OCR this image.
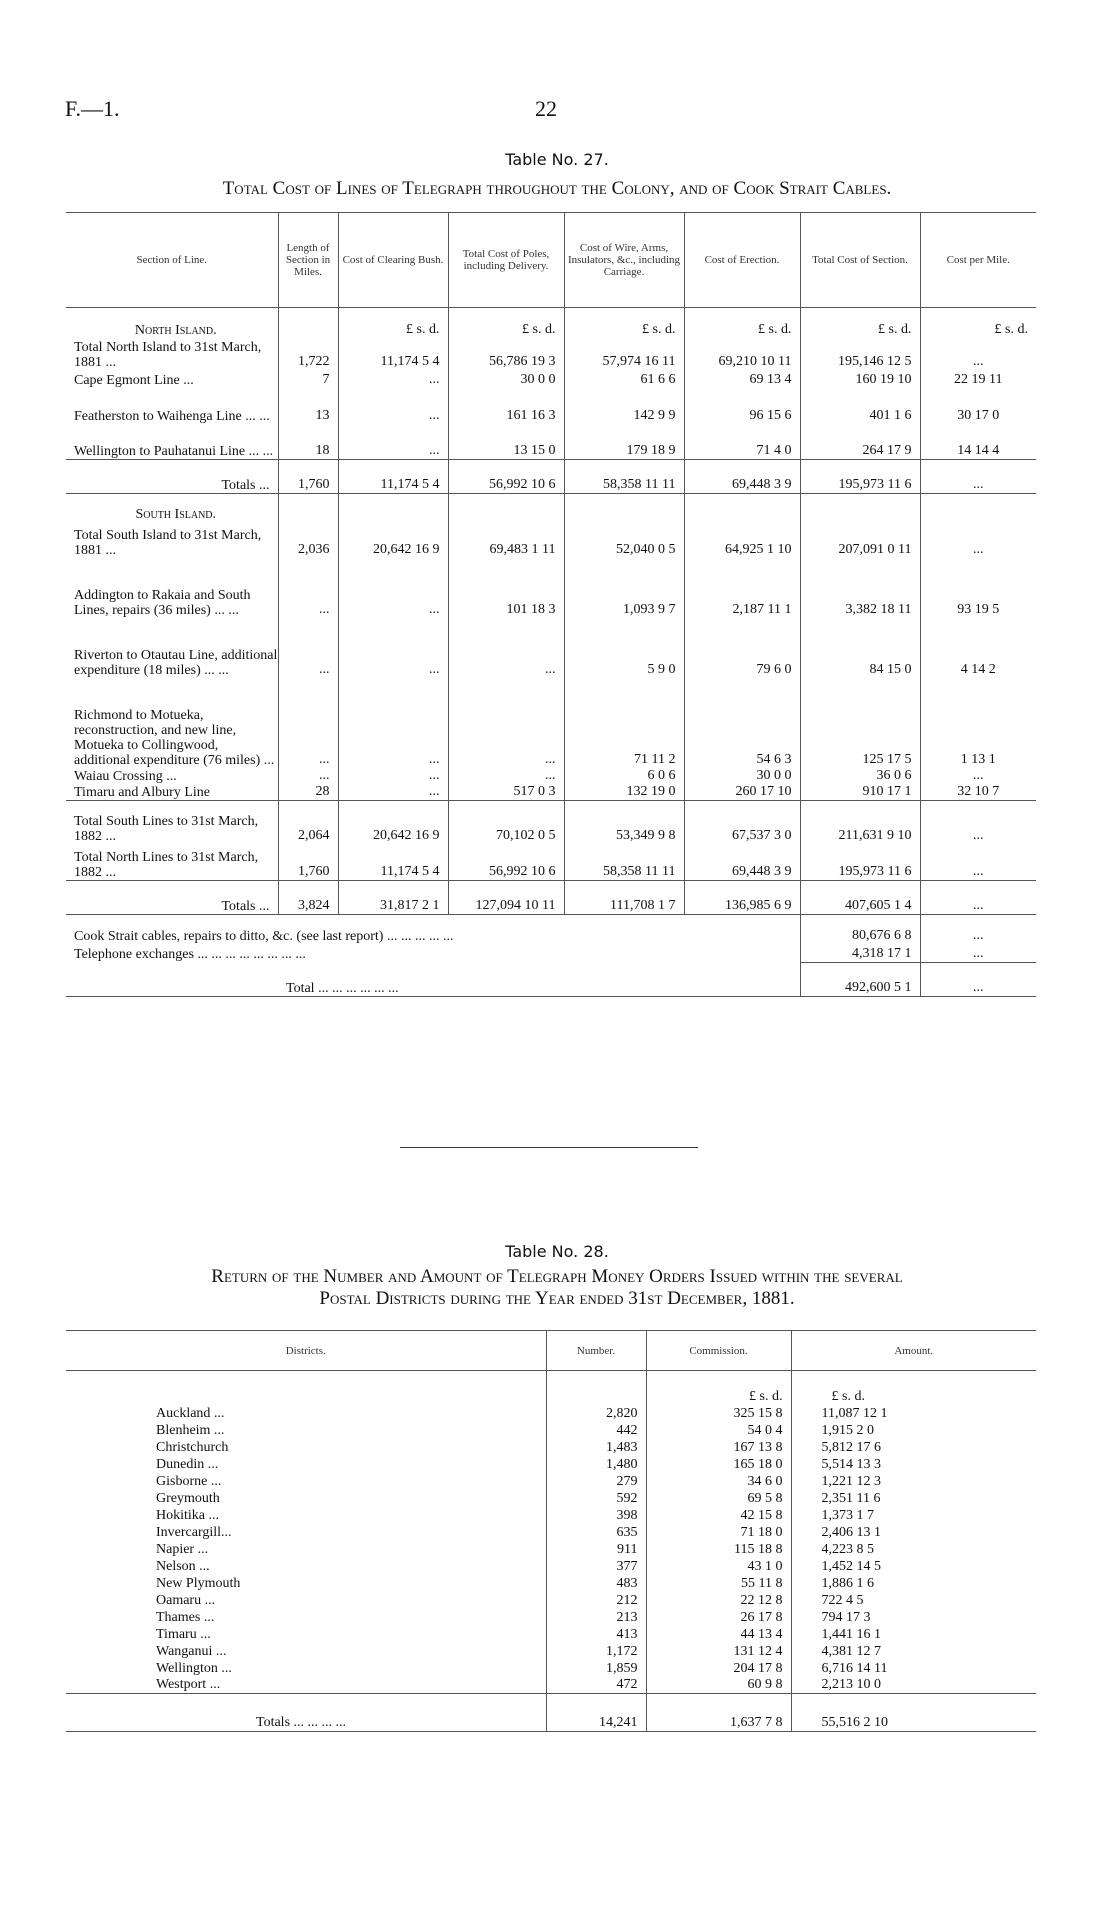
F.—1.	22
Table No. 27.
Total Cost of Lines of Telegraph throughout the Colony, and of Cook Strait Cables.
Section of Line.	Length of Section in Miles.	Cost of Clearing Bush.	Total Cost of Poles, including Delivery.	Cost of Wire, Arms, Insulators, &c., including Carriage.	Cost of Erection.	Total Cost of Section.	Cost per Mile.
North Island.		£ s. d.	£ s. d.	£ s. d.	£ s. d.	£ s. d.	£ s. d.
Total North Island to 31st March, 1881 ...	1,722	11,174 5 4	56,786 19 3	57,974 16 11	69,210 10 11	195,146 12 5	...
Cape Egmont Line ...	7	...	30 0 0	61 6 6	69 13 4	160 19 10	22 19 11
Featherston to Waihenga Line ... ...	13	...	161 16 3	142 9 9	96 15 6	401 1 6	30 17 0
Wellington to Pauhatanui Line ... ...	18	...	13 15 0	179 18 9	71 4 0	264 17 9	14 14 4
Totals ...	1,760	11,174 5 4	56,992 10 6	58,358 11 11	69,448 3 9	195,973 11 6	...
South Island.							
Total South Island to 31st March, 1881 ...	2,036	20,642 16 9	69,483 1 11	52,040 0 5	64,925 1 10	207,091 0 11	...
Addington to Rakaia and South Lines, repairs (36 miles) ... ...	...	...	101 18 3	1,093 9 7	2,187 11 1	3,382 18 11	93 19 5
Riverton to Otautau Line, additional expenditure (18 miles) ... ...	...	...	...	5 9 0	79 6 0	84 15 0	4 14 2
Richmond to Motueka, reconstruction, and new line, Motueka to Collingwood, additional expenditure (76 miles) ...	...	...	...	71 11 2	54 6 3	125 17 5	1 13 1
Waiau Crossing ...	...	...	...	6 0 6	30 0 0	36 0 6	...
Timaru and Albury Line	28	...	517 0 3	132 19 0	260 17 10	910 17 1	32 10 7
Total South Lines to 31st March, 1882 ...	2,064	20,642 16 9	70,102 0 5	53,349 9 8	67,537 3 0	211,631 9 10	...
Total North Lines to 31st March, 1882 ...	1,760	11,174 5 4	56,992 10 6	58,358 11 11	69,448 3 9	195,973 11 6	...
Totals ...	3,824	31,817 2 1	127,094 10 11	111,708 1 7	136,985 6 9	407,605 1 4	...
Cook Strait cables, repairs to ditto, &c. (see last report) ... ... ... ... ...						80,676 6 8	...
Telephone exchanges ... ... ... ... ... ... ... ...						4,318 17 1	...
	Total ... ... ... ... ... ...					492,600 5 1	...
Table No. 28.
Return of the Number and Amount of Telegraph Money Orders Issued within the several
Postal Districts during the Year ended 31st December, 1881.
Districts.	Number.	Commission.	Amount.
		£ s. d.	£ s. d.
Auckland ...	2,820	325 15 8	11,087 12 1
Blenheim ...	442	54 0 4	1,915 2 0
Christchurch	1,483	167 13 8	5,812 17 6
Dunedin ...	1,480	165 18 0	5,514 13 3
Gisborne ...	279	34 6 0	1,221 12 3
Greymouth	592	69 5 8	2,351 11 6
Hokitika ...	398	42 15 8	1,373 1 7
Invercargill...	635	71 18 0	2,406 13 1
Napier ...	911	115 18 8	4,223 8 5
Nelson ...	377	43 1 0	1,452 14 5
New Plymouth	483	55 11 8	1,886 1 6
Oamaru ...	212	22 12 8	722 4 5
Thames ...	213	26 17 8	794 17 3
Timaru ...	413	44 13 4	1,441 16 1
Wanganui ...	1,172	131 12 4	4,381 12 7
Wellington ...	1,859	204 17 8	6,716 14 11
Westport ...	472	60 9 8	2,213 10 0
Totals ... ... ... ...	14,241	1,637 7 8	55,516 2 10
